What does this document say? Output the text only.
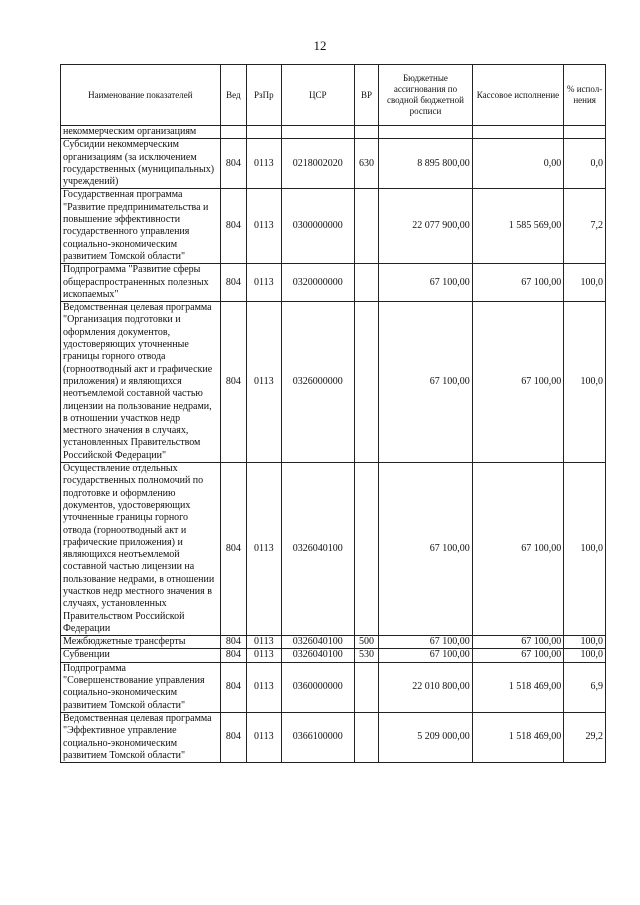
12
Наименование показателей	Вед	РзПр	ЦСР	ВР	Бюджетные ассигнования по сводной бюджетной росписи	Кассовое исполнение	% испол-нения
некоммерческим организациям							
Субсидии некоммерческим организациям (за исключением государственных (муниципальных) учреждений)	804	0113	0218002020	630	8 895 800,00	0,00	0,0
Государственная программа "Развитие предпринимательства и повышение эффективности государственного управления социально-экономическим развитием Томской области"	804	0113	0300000000		22 077 900,00	1 585 569,00	7,2
Подпрограмма "Развитие сферы общераспространенных полезных ископаемых"	804	0113	0320000000		67 100,00	67 100,00	100,0
Ведомственная целевая программа "Организация подготовки и оформления документов, удостоверяющих уточненные границы горного отвода (горноотводный акт и графические приложения) и являющихся неотъемлемой составной частью лицензии на пользование недрами, в отношении участков недр местного значения в случаях, установленных Правительством Российской Федерации"	804	0113	0326000000		67 100,00	67 100,00	100,0
Осуществление отдельных государственных полномочий по подготовке и оформлению документов, удостоверяющих уточненные границы горного отвода (горноотводный акт и графические приложения) и являющихся неотъемлемой составной частью лицензии на пользование недрами, в отношении участков недр местного значения в случаях, установленных Правительством Российской Федерации	804	0113	0326040100		67 100,00	67 100,00	100,0
Межбюджетные трансферты	804	0113	0326040100	500	67 100,00	67 100,00	100,0
Субвенции	804	0113	0326040100	530	67 100,00	67 100,00	100,0
Подпрограмма "Совершенствование управления социально-экономическим развитием Томской области"	804	0113	0360000000		22 010 800,00	1 518 469,00	6,9
Ведомственная целевая программа "Эффективное управление социально-экономическим развитием Томской области"	804	0113	0366100000		5 209 000,00	1 518 469,00	29,2
